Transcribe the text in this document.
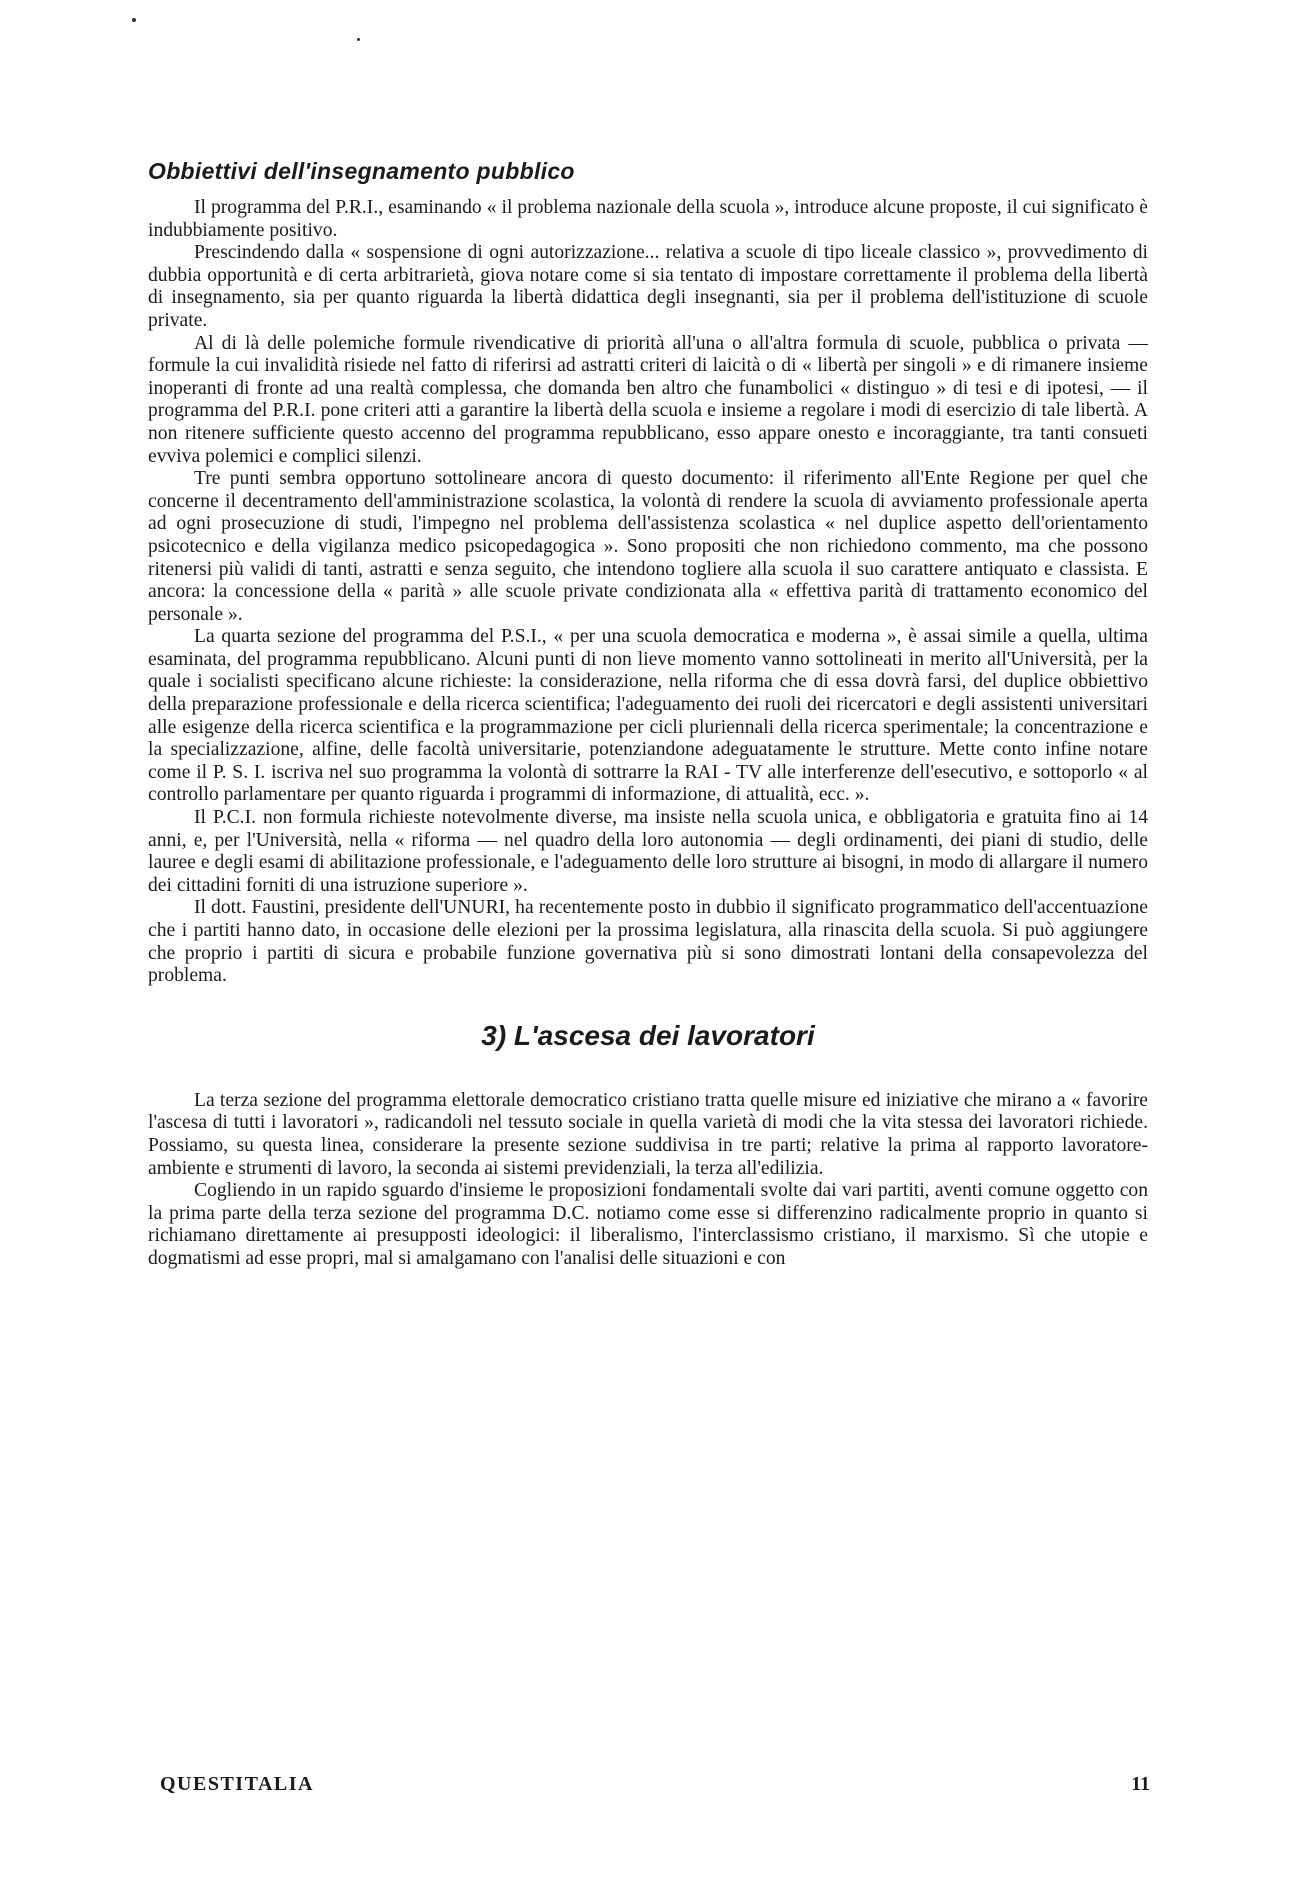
Obbiettivi dell'insegnamento pubblico

Il programma del P.R.I., esaminando « il problema nazionale della scuola », introduce alcune proposte, il cui significato è indubbiamente positivo.

Prescindendo dalla « sospensione di ogni autorizzazione... relativa a scuole di tipo liceale classico », provvedimento di dubbia opportunità e di certa arbitrarietà, giova notare come si sia tentato di impostare correttamente il problema della libertà di insegnamento, sia per quanto riguarda la libertà didattica degli insegnanti, sia per il problema dell'istituzione di scuole private.

Al di là delle polemiche formule rivendicative di priorità all'una o all'altra formula di scuole, pubblica o privata — formule la cui invalidità risiede nel fatto di riferirsi ad astratti criteri di laicità o di « libertà per singoli » e di rimanere insieme inoperanti di fronte ad una realtà complessa, che domanda ben altro che funambolici « distinguo » di tesi e di ipotesi, — il programma del P.R.I. pone criteri atti a garantire la libertà della scuola e insieme a regolare i modi di esercizio di tale libertà. A non ritenere sufficiente questo accenno del programma repubblicano, esso appare onesto e incoraggiante, tra tanti consueti evviva polemici e complici silenzi.

Tre punti sembra opportuno sottolineare ancora di questo documento: il riferimento all'Ente Regione per quel che concerne il decentramento dell'amministrazione scolastica, la volontà di rendere la scuola di avviamento professionale aperta ad ogni prosecuzione di studi, l'impegno nel problema dell'assistenza scolastica « nel duplice aspetto dell'orientamento psicotecnico e della vigilanza medico psicopedagogica ». Sono propositi che non richiedono commento, ma che possono ritenersi più validi di tanti, astratti e senza seguito, che intendono togliere alla scuola il suo carattere antiquato e classista. E ancora: la concessione della « parità » alle scuole private condizionata alla « effettiva parità di trattamento economico del personale ».

La quarta sezione del programma del P.S.I., « per una scuola democratica e moderna », è assai simile a quella, ultima esaminata, del programma repubblicano. Alcuni punti di non lieve momento vanno sottolineati in merito all'Università, per la quale i socialisti specificano alcune richieste: la considerazione, nella riforma che di essa dovrà farsi, del duplice obbiettivo della preparazione professionale e della ricerca scientifica; l'adeguamento dei ruoli dei ricercatori e degli assistenti universitari alle esigenze della ricerca scientifica e la programmazione per cicli pluriennali della ricerca sperimentale; la concentrazione e la specializzazione, alfine, delle facoltà universitarie, potenziandone adeguatamente le strutture. Mette conto infine notare come il P. S. I. iscriva nel suo programma la volontà di sottrarre la RAI - TV alle interferenze dell'esecutivo, e sottoporlo « al controllo parlamentare per quanto riguarda i programmi di informazione, di attualità, ecc. ».

Il P.C.I. non formula richieste notevolmente diverse, ma insiste nella scuola unica, e obbligatoria e gratuita fino ai 14 anni, e, per l'Università, nella « riforma — nel quadro della loro autonomia — degli ordinamenti, dei piani di studio, delle lauree e degli esami di abilitazione professionale, e l'adeguamento delle loro strutture ai bisogni, in modo di allargare il numero dei cittadini forniti di una istruzione superiore ».

Il dott. Faustini, presidente dell'UNURI, ha recentemente posto in dubbio il significato programmatico dell'accentuazione che i partiti hanno dato, in occasione delle elezioni per la prossima legislatura, alla rinascita della scuola. Si può aggiungere che proprio i partiti di sicura e probabile funzione governativa più si sono dimostrati lontani della consapevolezza del problema.

3) L'ascesa dei lavoratori

La terza sezione del programma elettorale democratico cristiano tratta quelle misure ed iniziative che mirano a « favorire l'ascesa di tutti i lavoratori », radicandoli nel tessuto sociale in quella varietà di modi che la vita stessa dei lavoratori richiede. Possiamo, su questa linea, considerare la presente sezione suddivisa in tre parti; relative la prima al rapporto lavoratore-ambiente e strumenti di lavoro, la seconda ai sistemi previdenziali, la terza all'edilizia.

Cogliendo in un rapido sguardo d'insieme le proposizioni fondamentali svolte dai vari partiti, aventi comune oggetto con la prima parte della terza sezione del programma D.C. notiamo come esse si differenzino radicalmente proprio in quanto si richiamano direttamente ai presupposti ideologici: il liberalismo, l'interclassismo cristiano, il marxismo. Sì che utopie e dogmatismi ad esse propri, mal si amalgamano con l'analisi delle situazioni e con

QUESTITALIA	11
